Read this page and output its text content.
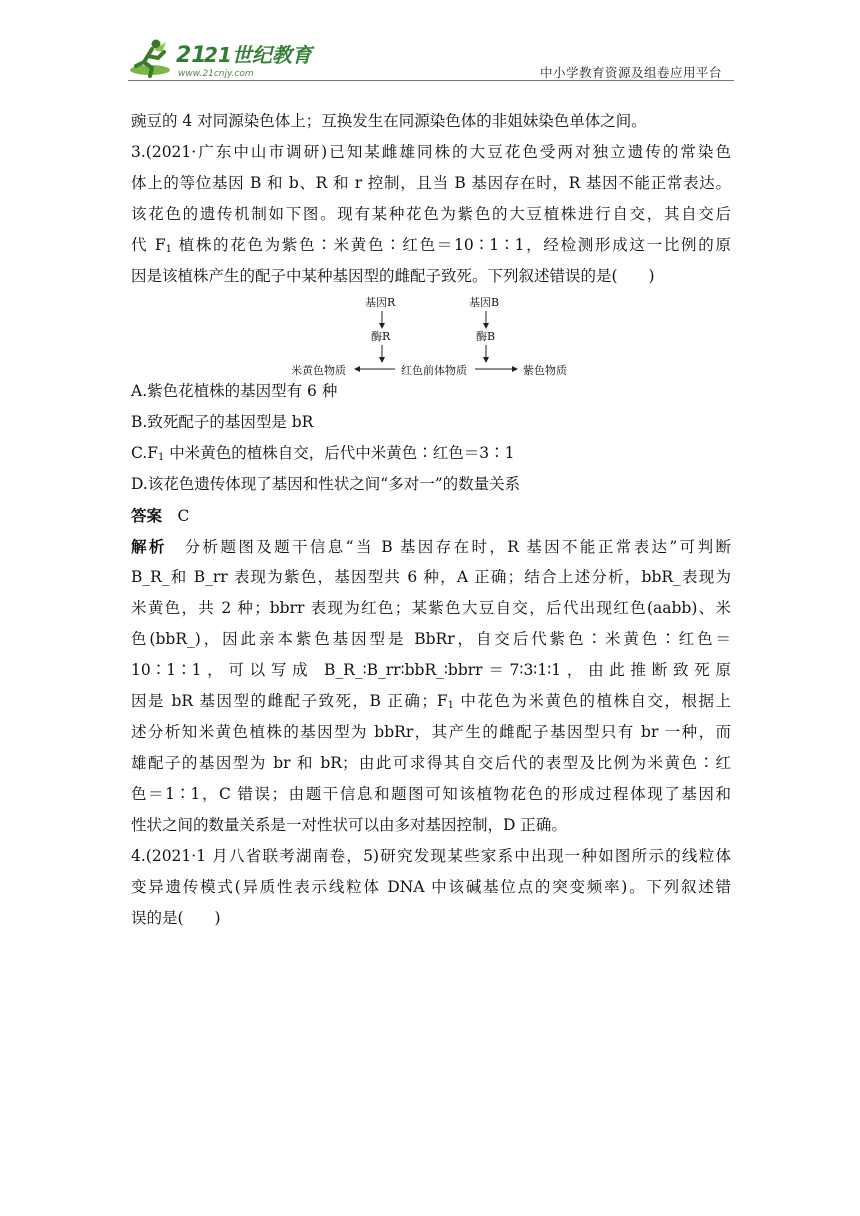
21
21世纪教育
www.21cnjy.com	中小学教育资源及组卷应用平台
豌豆的 4 对同源染色体上；互换发生在同源染色体的非姐妹染色单体之间。
3.(2021·广东中山市调研)已知某雌雄同株的大豆花色受两对独立遗传的常染色
体上的等位基因 B 和 b、R 和 r 控制，且当 B 基因存在时，R 基因不能正常表达。
该花色的遗传机制如下图。现有某种花色为紫色的大豆植株进行自交，其自交后
代 $F_1$ 植株的花色为紫色∶米黄色∶红色＝10∶1∶1，经检测形成这一比例的原
因是该植株产生的配子中某种基因型的雌配子致死。下列叙述错误的是(　　)
基因R
酶R
基因B
酶B
米黄色物质	红色前体物质	紫色物质
A.紫色花植株的基因型有 6 种
B.致死配子的基因型是 bR
$C.F_1$ 中米黄色的植株自交，后代中米黄色∶红色＝3∶1
D.该花色遗传体现了基因和性状之间“多对一”的数量关系
答案　 C
解析　 分析题图及题干信息“当 B 基因存在时，R 基因不能正常表达”可判断
B_R_和 B_rr 表现为紫色，基因型共 6 种，A 正确；结合上述分析，bbR_表现为
米黄色，共 2 种；bbrr 表现为红色；某紫色大豆自交，后代出现红色(aabb)、米
色(bbR_)，因此亲本紫色基因型是 BbRr，自交后代紫色∶米黄色∶红色＝
10∶1∶1，可以写成 B_R_∶B_rr∶bbR_∶bbrr＝7∶3∶1∶1，由此推断致死原
因是 bR 基因型的雌配子致死，B 正确；$F_1$ 中花色为米黄色的植株自交，根据上
述分析知米黄色植株的基因型为 bbRr，其产生的雌配子基因型只有 br 一种，而
雄配子的基因型为 br 和 bR；由此可求得其自交后代的表型及比例为米黄色∶红
色＝1∶1，C 错误；由题干信息和题图可知该植物花色的形成过程体现了基因和
性状之间的数量关系是一对性状可以由多对基因控制，D 正确。
4.(2021·1 月八省联考湖南卷，5)研究发现某些家系中出现一种如图所示的线粒体
变异遗传模式(异质性表示线粒体 DNA 中该碱基位点的突变频率)。下列叙述错
误的是(　　)
